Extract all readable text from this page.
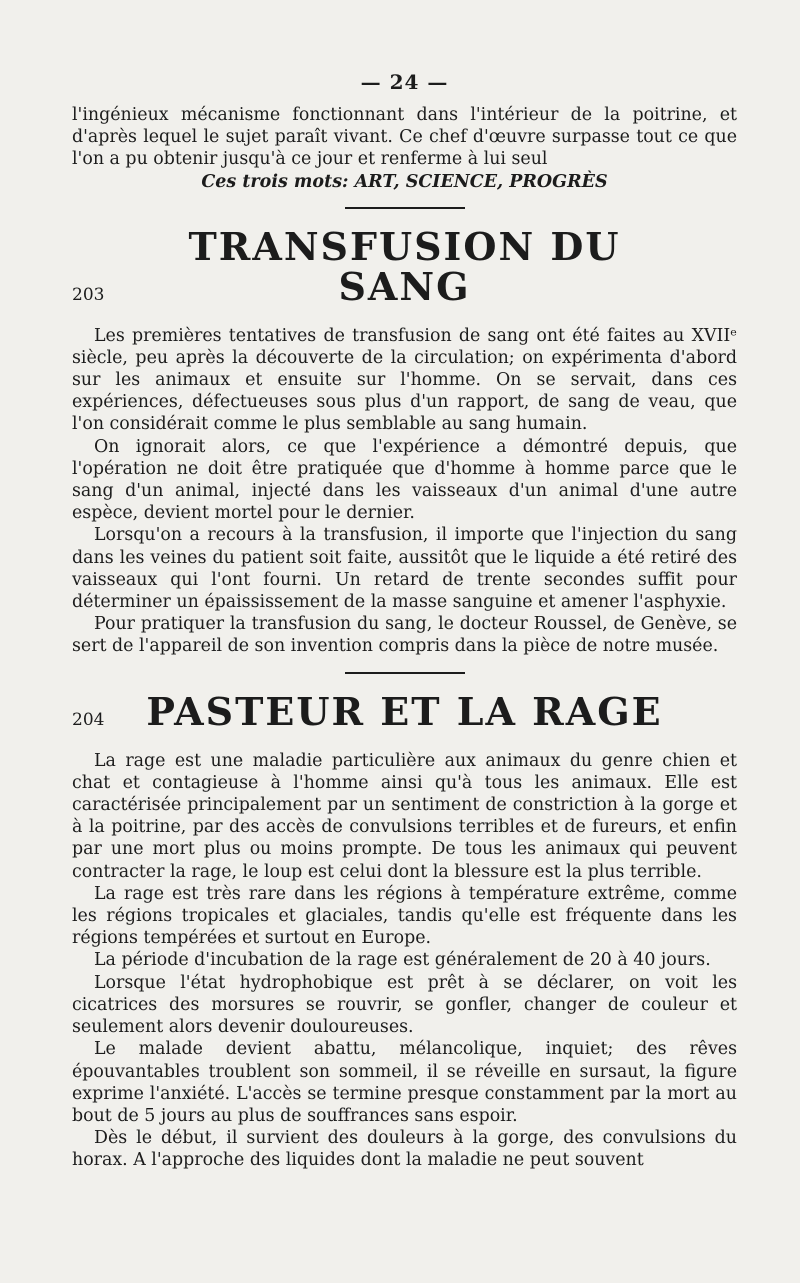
— 24 —

l'ingénieux mécanisme fonctionnant dans l'intérieur de la poitrine, et d'après lequel le sujet paraît vivant. Ce chef d'œuvre surpasse tout ce que l'on a pu obtenir jusqu'à ce jour et renferme à lui seul

Ces trois mots: ART, SCIENCE, PROGRÈS

203
TRANSFUSION DU SANG

Les premières tentatives de transfusion de sang ont été faites au XVIIᵉ siècle, peu après la découverte de la circulation; on expérimenta d'abord sur les animaux et ensuite sur l'homme. On se servait, dans ces expériences, défectueuses sous plus d'un rapport, de sang de veau, que l'on considérait comme le plus semblable au sang humain.

On ignorait alors, ce que l'expérience a démontré depuis, que l'opération ne doit être pratiquée que d'homme à homme parce que le sang d'un animal, injecté dans les vaisseaux d'un animal d'une autre espèce, devient mortel pour le dernier.

Lorsqu'on a recours à la transfusion, il importe que l'injection du sang dans les veines du patient soit faite, aussitôt que le liquide a été retiré des vaisseaux qui l'ont fourni. Un retard de trente secondes suffit pour déterminer un épaississement de la masse sanguine et amener l'asphyxie.

Pour pratiquer la transfusion du sang, le docteur Roussel, de Genève, se sert de l'appareil de son invention compris dans la pièce de notre musée.

204	PASTEUR ET LA RAGE

La rage est une maladie particulière aux animaux du genre chien et chat et contagieuse à l'homme ainsi qu'à tous les animaux. Elle est caractérisée principalement par un sentiment de constriction à la gorge et à la poitrine, par des accès de convulsions terribles et de fureurs, et enfin par une mort plus ou moins prompte. De tous les animaux qui peuvent contracter la rage, le loup est celui dont la blessure est la plus terrible.

La rage est très rare dans les régions à température extrême, comme les régions tropicales et glaciales, tandis qu'elle est fréquente dans les régions tempérées et surtout en Europe.

La période d'incubation de la rage est généralement de 20 à 40 jours.

Lorsque l'état hydrophobique est prêt à se déclarer, on voit les cicatrices des morsures se rouvrir, se gonfler, changer de couleur et seulement alors devenir douloureuses.

Le malade devient abattu, mélancolique, inquiet; des rêves épouvantables troublent son sommeil, il se réveille en sursaut, la figure exprime l'anxiété. L'accès se termine presque constamment par la mort au bout de 5 jours au plus de souffrances sans espoir.

Dès le début, il survient des douleurs à la gorge, des convulsions du horax. A l'approche des liquides dont la maladie ne peut souvent
